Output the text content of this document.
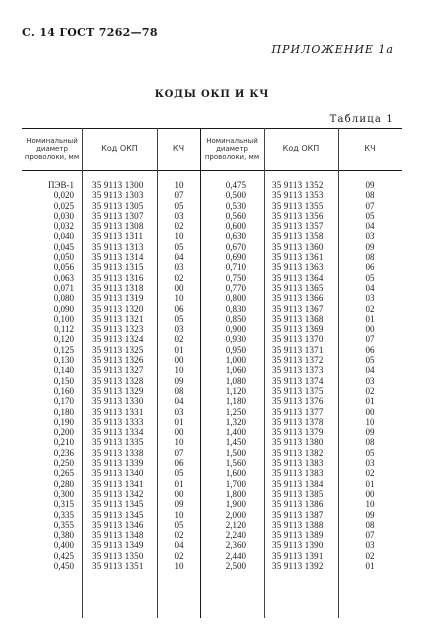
С. 14 ГОСТ 7262—78
ПРИЛОЖЕНИЕ 1а
КОДЫ ОКП И КЧ
Таблица 1
Номинальный диаметр проволоки, мм
Код ОКП	КЧ
Номинальный диаметр проволоки, мм
Код ОКП	КЧ
ПЭВ-1
0,020
0,025
0,030
0,032
0,040
0,045
0,050
0,056
0,063
0,071
0,080
0,090
0,100
0,112
0,120
0,125
0,130
0,140
0,150
0,160
0,170
0,180
0,190
0,200
0,210
0,236
0,250
0,265
0,280
0,300
0,315
0,335
0,355
0,380
0,400
0,425
0,450
35 9113 1300
35 9113 1303
35 9113 1305
35 9113 1307
35 9113 1308
35 9113 1311
35 9113 1313
35 9113 1314
35 9113 1315
35 9113 1316
35 9113 1318
35 9113 1319
35 9113 1320
35 9113 1321
35 9113 1323
35 9113 1324
35 9113 1325
35 9113 1326
35 9113 1327
35 9113 1328
35 9113 1329
35 9113 1330
35 9113 1331
35 9113 1333
35 9113 1334
35 9113 1335
35 9113 1338
35 9113 1339
35 9113 1340
35 9113 1341
35 9113 1342
35 9113 1345
35 9113 1345
35 9113 1346
35 9113 1348
35 9113 1349
35 9113 1350
35 9113 1351
10
07
05
03
02
10
05
04
03
02
00
10
06
05
03
02
01
00
10
09
08
04
03
01
00
10
07
06
05
01
00
09
10
05
02
04
02
10
0,475
0,500
0,530
0,560
0,600
0,630
0,670
0,690
0,710
0,750
0,770
0,800
0,830
0,850
0,900
0,930
0,950
1,000
1,060
1,080
1,120
1,180
1,250
1,320
1,400
1,450
1,500
1,560
1,600
1,700
1,800
1,900
2,000
2,120
2,240
2,360
2,440
2,500
35 9113 1352
35 9113 1353
35 9113 1355
35 9113 1356
35 9113 1357
35 9113 1358
35 9113 1360
35 9113 1361
35 9113 1363
35 9113 1364
35 9113 1365
35 9113 1366
35 9113 1367
35 9113 1368
35 9113 1369
35 9113 1370
35 9113 1371
35 9113 1372
35 9113 1373
35 9113 1374
35 9113 1375
35 9113 1376
35 9113 1377
35 9113 1378
35 9113 1379
35 9113 1380
35 9113 1382
35 9113 1383
35 9113 1383
35 9113 1384
35 9113 1385
35 9113 1386
35 9113 1387
35 9113 1388
35 9113 1389
35 9113 1390
35 9113 1391
35 9113 1392
09
08
07
05
04
03
09
08
06
05
04
03
02
01
00
07
06
05
04
03
02
01
00
10
09
08
05
03
02
01
00
10
09
08
07
03
02
01
